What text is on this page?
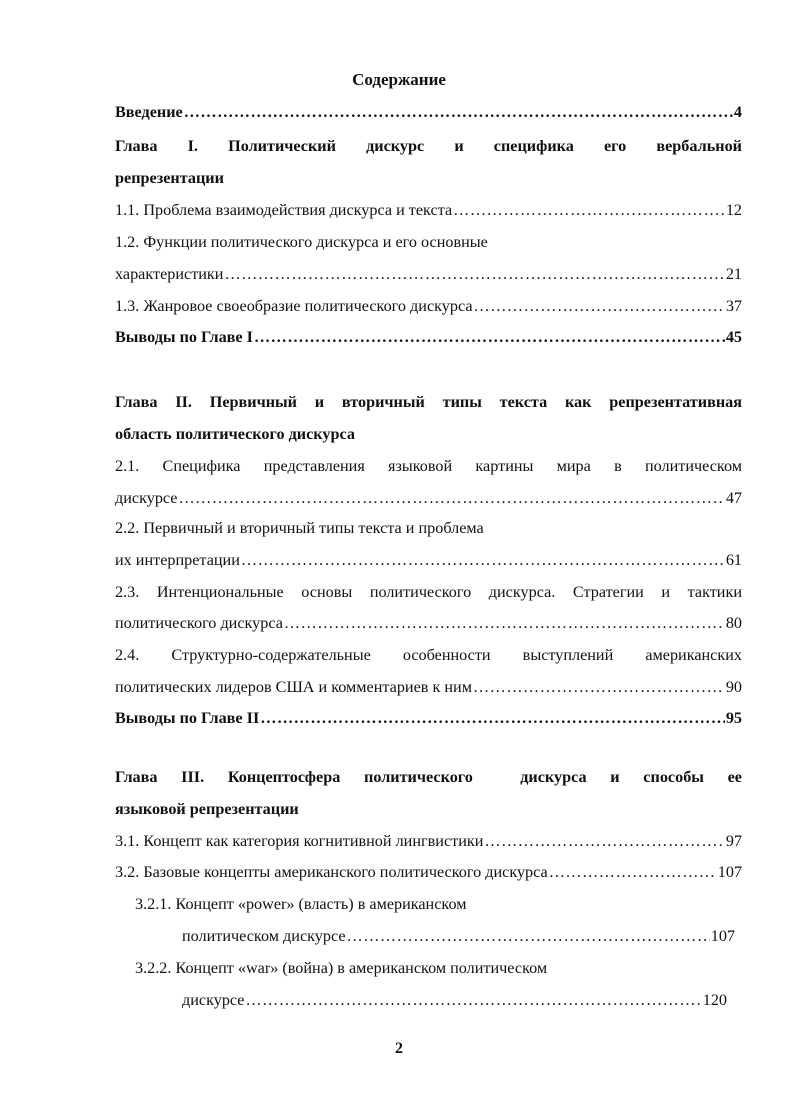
Содержание
Введение ……………………………………………………………………………………………………………………………………………………………………………………………	4
Глава I. Политический дискурс и специфика его вербальной
репрезентации
1.1. Проблема взаимодействия дискурса и текста ……………………………………………………………………………………………………………………………………………………………………………………………	12
1.2. Функции политического дискурса и его основные
характеристики ……………………………………………………………………………………………………………………………………………………………………………………………	21
1.3. Жанровое своеобразие политического дискурса ……………………………………………………………………………………………………………………………………………………………………………………………	37
Выводы по Главе I ……………………………………………………………………………………………………………………………………………………………………………………………	45
Глава II. Первичный и вторичный типы текста как репрезентативная
область политического дискурса
2.1. Специфика представления языковой картины мира в политическом
дискурсе ……………………………………………………………………………………………………………………………………………………………………………………………	47
2.2. Первичный и вторичный типы текста и проблема
их интерпретации ……………………………………………………………………………………………………………………………………………………………………………………………	61
2.3. Интенциональные основы политического дискурса. Стратегии и тактики
политического дискурса ……………………………………………………………………………………………………………………………………………………………………………………………	80
2.4. Структурно-содержательные особенности выступлений американских
политических лидеров США и комментариев к ним ……………………………………………………………………………………………………………………………………………………………………………………………	90
Выводы по Главе II ……………………………………………………………………………………………………………………………………………………………………………………………	95
Глава III. Концептосфера политического  дискурса и способы ее
языковой репрезентации
3.1. Концепт как категория когнитивной лингвистики ……………………………………………………………………………………………………………………………………………………………………………………………	97
3.2. Базовые концепты американского политического дискурса ……………………………………………………………………………………………………………………………………………………………………………………………	107
3.2.1. Концепт «power» (власть) в американском
политическом дискурсе ……………………………………………………………………………………………………………………………………………………………………………………………	107
3.2.2. Концепт «war» (война) в американском политическом
дискурсе ……………………………………………………………………………………………………………………………………………………………………………………………	120
2
